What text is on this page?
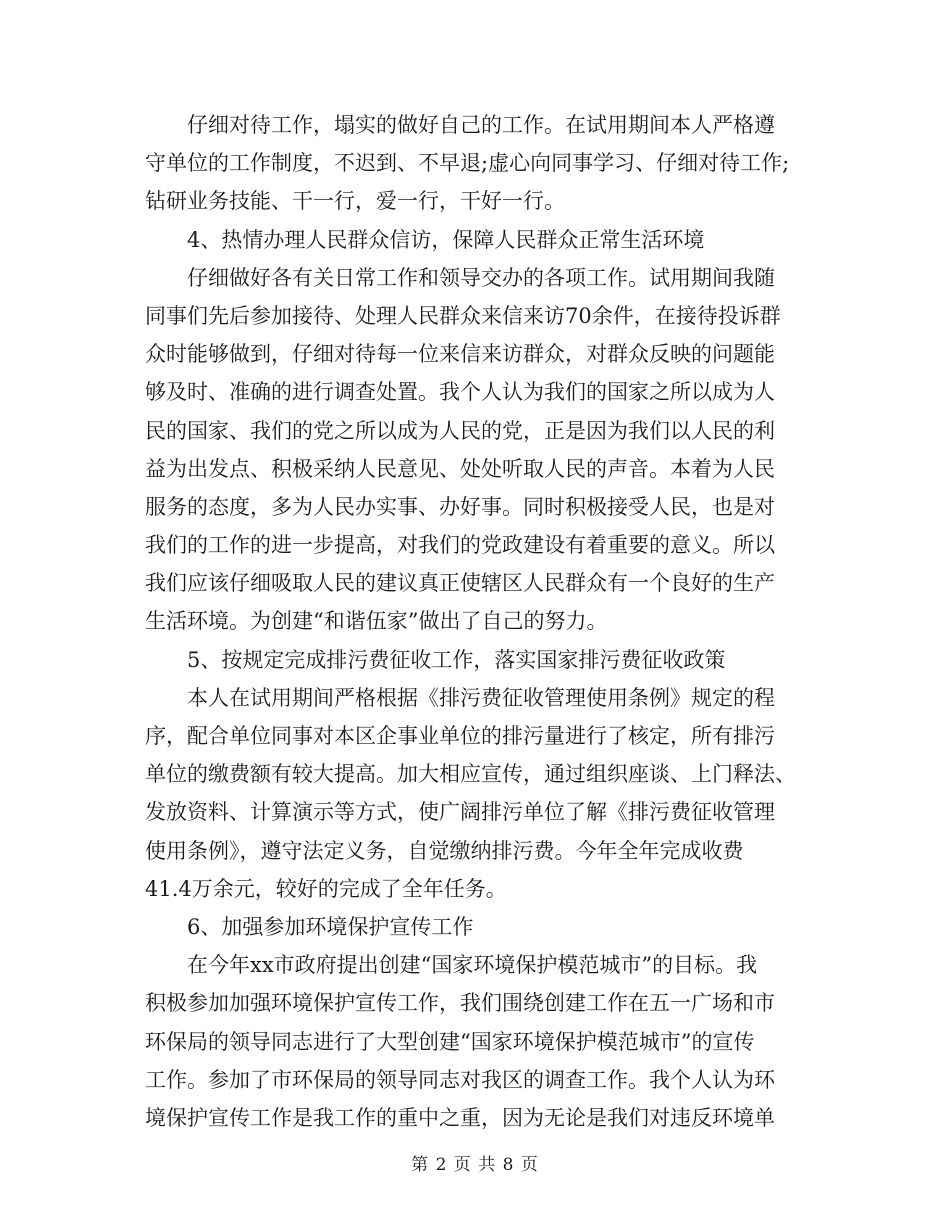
仔细对待工作，塌实的做好自己的工作。在试用期间本人严格遵
守单位的工作制度，不迟到、不早退;虚心向同事学习、仔细对待工作;
钻研业务技能、干一行，爱一行，干好一行。
4、热情办理人民群众信访，保障人民群众正常生活环境
仔细做好各有关日常工作和领导交办的各项工作。试用期间我随
同事们先后参加接待、处理人民群众来信来访70余件，在接待投诉群
众时能够做到，仔细对待每一位来信来访群众，对群众反映的问题能
够及时、准确的进行调查处置。我个人认为我们的国家之所以成为人
民的国家、我们的党之所以成为人民的党，正是因为我们以人民的利
益为出发点、积极采纳人民意见、处处听取人民的声音。本着为人民
服务的态度，多为人民办实事、办好事。同时积极接受人民，也是对
我们的工作的进一步提高，对我们的党政建设有着重要的意义。所以
我们应该仔细吸取人民的建议真正使辖区人民群众有一个良好的生产
生活环境。为创建“和谐伍家”做出了自己的努力。
5、按规定完成排污费征收工作，落实国家排污费征收政策
本人在试用期间严格根据《排污费征收管理使用条例》规定的程
序，配合单位同事对本区企事业单位的排污量进行了核定，所有排污
单位的缴费额有较大提高。加大相应宣传，通过组织座谈、上门释法、
发放资料、计算演示等方式，使广阔排污单位了解《排污费征收管理
使用条例》，遵守法定义务，自觉缴纳排污费。今年全年完成收费
41.4万余元，较好的完成了全年任务。
6、加强参加环境保护宣传工作
在今年xx市政府提出创建“国家环境保护模范城市”的目标。我
积极参加加强环境保护宣传工作，我们围绕创建工作在五一广场和市
环保局的领导同志进行了大型创建“国家环境保护模范城市”的宣传
工作。参加了市环保局的领导同志对我区的调查工作。我个人认为环
境保护宣传工作是我工作的重中之重，因为无论是我们对违反环境单
第 2 页 共 8 页
